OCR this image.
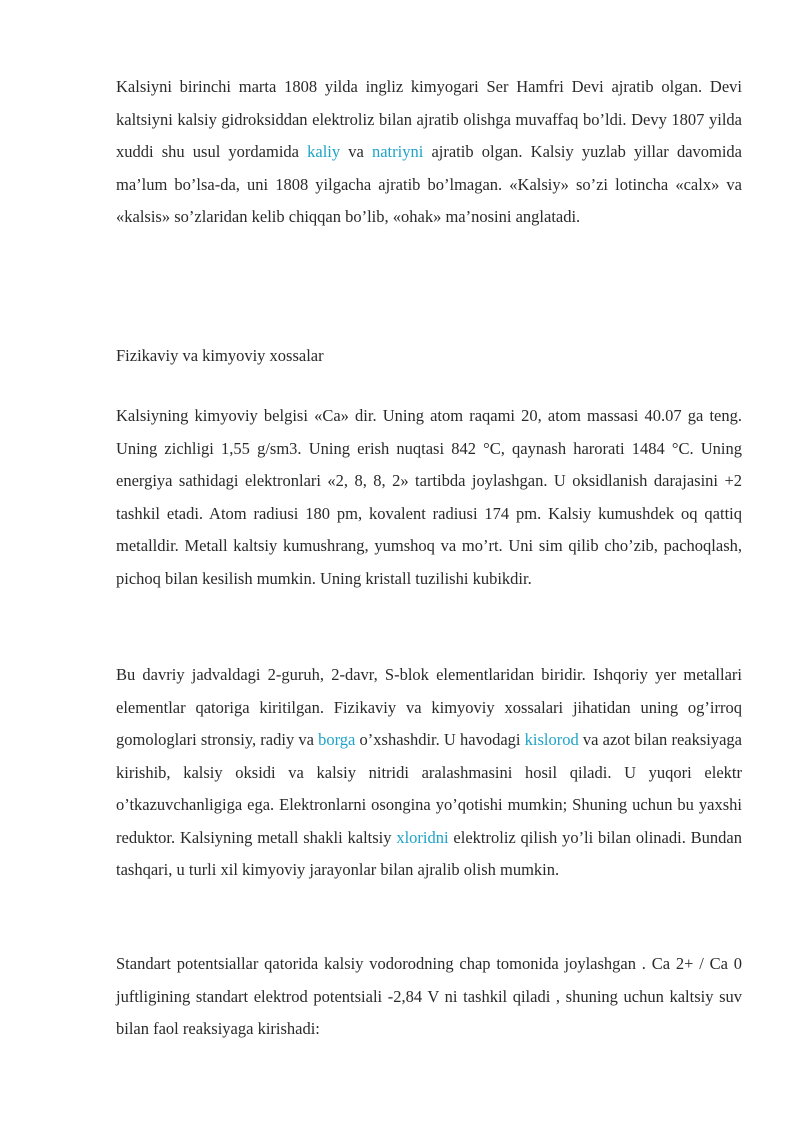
Kalsiyni birinchi marta 1808 yilda ingliz kimyogari Ser Hamfri Devi ajratib olgan. Devi kaltsiyni kalsiy gidroksiddan elektroliz bilan ajratib olishga muvaffaq bo’ldi. Devy 1807 yilda xuddi shu usul yordamida kaliy va natriyni ajratib olgan. Kalsiy yuzlab yillar davomida ma’lum bo’lsa-da, uni 1808 yilgacha ajratib bo’lmagan. «Kalsiy» so’zi lotincha «calx» va «kalsis» so’zlaridan kelib chiqqan bo’lib, «ohak» ma’nosini anglatadi.

Fizikaviy va kimyoviy xossalar

Kalsiyning kimyoviy belgisi «Ca» dir. Uning atom raqami 20, atom massasi 40.07 ga teng. Uning zichligi 1,55 g/sm3. Uning erish nuqtasi 842 °C, qaynash harorati 1484 °C. Uning energiya sathidagi elektronlari «2, 8, 8, 2» tartibda joylashgan. U oksidlanish darajasini +2 tashkil etadi. Atom radiusi 180 pm, kovalent radiusi 174 pm. Kalsiy kumushdek oq qattiq metalldir. Metall kaltsiy kumushrang, yumshoq va mo’rt. Uni sim qilib cho’zib, pachoqlash, pichoq bilan kesilish mumkin. Uning kristall tuzilishi kubikdir.

Bu davriy jadvaldagi 2-guruh, 2-davr, S-blok elementlaridan biridir. Ishqoriy yer metallari elementlar qatoriga kiritilgan. Fizikaviy va kimyoviy xossalari jihatidan uning og’irroq gomologlari stronsiy, radiy va borga o’xshashdir. U havodagi kislorod va azot bilan reaksiyaga kirishib, kalsiy oksidi va kalsiy nitridi aralashmasini hosil qiladi. U yuqori elektr o’tkazuvchanligiga ega. Elektronlarni osongina yo’qotishi mumkin; Shuning uchun bu yaxshi reduktor. Kalsiyning metall shakli kaltsiy xloridni elektroliz qilish yo’li bilan olinadi. Bundan tashqari, u turli xil kimyoviy jarayonlar bilan ajralib olish mumkin.

Standart potentsiallar qatorida kalsiy vodorodning chap tomonida joylashgan . Ca 2+ / Ca 0 juftligining standart elektrod potentsiali -2,84 V ni tashkil qiladi , shuning uchun kaltsiy suv bilan faol reaksiyaga kirishadi:
